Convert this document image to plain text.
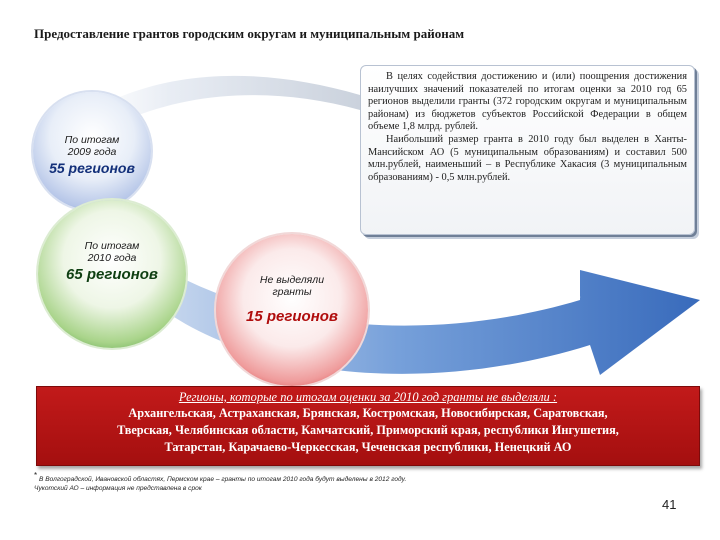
Предоставление грантов городским округам и муниципальным районам

В целях содействия достижению и (или) поощрения достижения наилучших значений показателей по итогам оценки за 2010 год 65 регионов выделили гранты (372 городским округам и муниципальным районам) из бюджетов субъектов Российской Федерации в общем объеме 1,8 млрд. рублей.

Наибольший размер гранта в 2010 году был выделен в Ханты-Мансийском АО (5 муниципальным образованиям) и составил 500 млн.рублей, наименьший – в Республике Хакасия (3 муниципальным образованиям) - 0,5 млн.рублей.

По итогам
2009 года
55 регионов
По итогам
2010 года
65 регионов	Не выделяли
гранты
15 регионов
Регионы, которые по итогам оценки за 2010 год гранты не выделяли :
Архангельская, Астраханская, Брянская, Костромская, Новосибирская, Саратовская,
Тверская, Челябинская области, Камчатский, Приморский края, республики Ингушетия,
Татарстан, Карачаево-Черкесская, Чеченская республики, Ненецкий АО
* В Волгоградской, Ивановской областях, Пермском крае – гранты по итогам 2010 года будут выделены в 2012 году.
Чукотский АО – информация не представлена в срок
41
